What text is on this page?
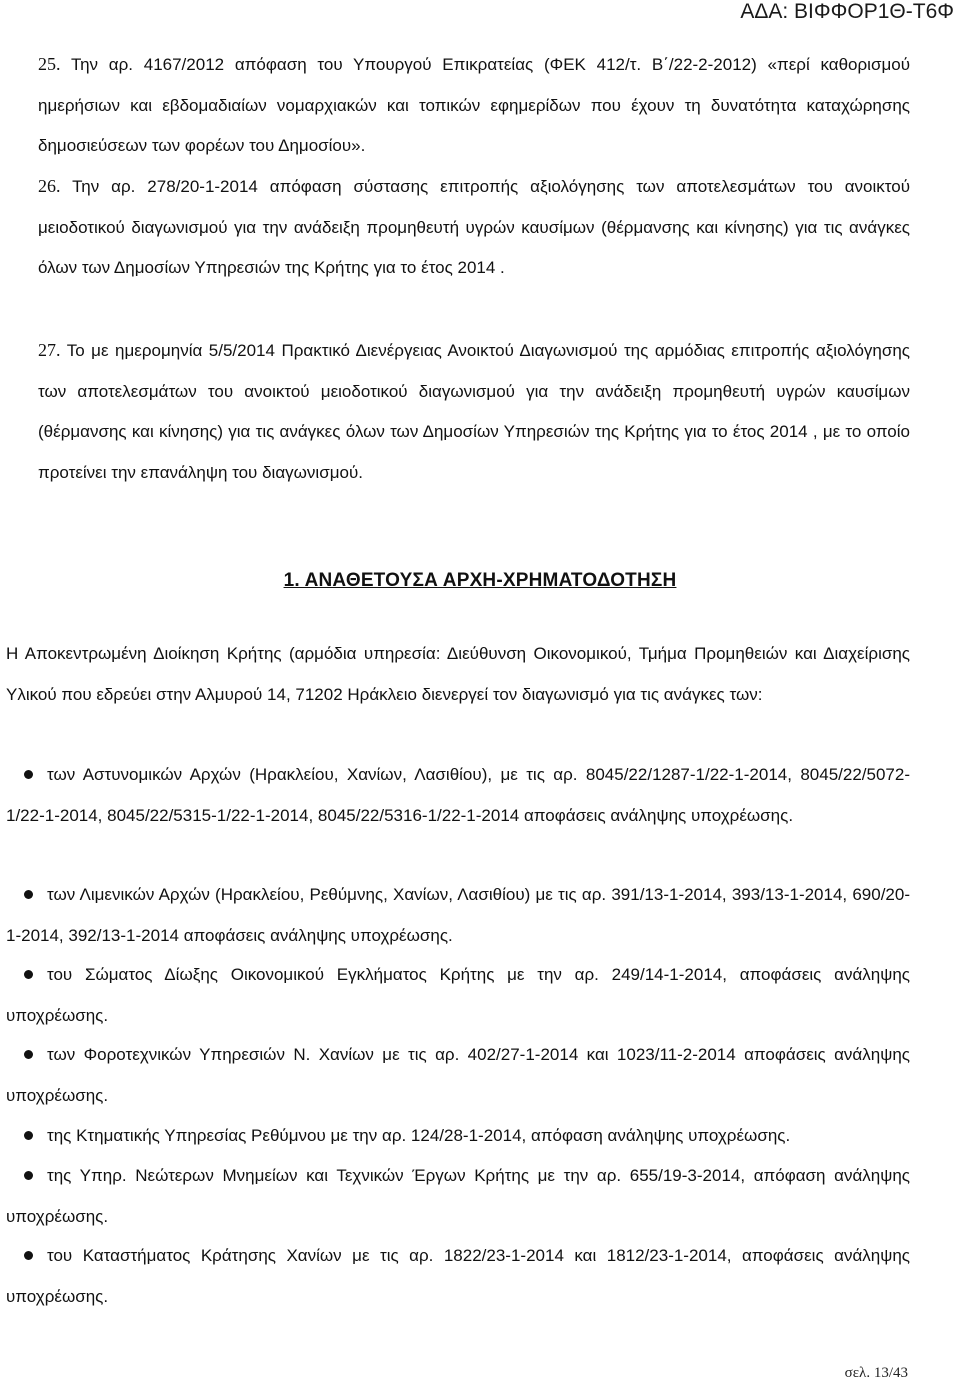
ΑΔΑ: ΒΙΦΦΟΡ1Θ-Τ6Φ
25. Την αρ. 4167/2012 απόφαση του Υπουργού Επικρατείας (ΦΕΚ 412/τ. Β΄/22-2-2012) «περί καθορισμού ημερήσιων και εβδομαδιαίων νομαρχιακών και τοπικών εφημερίδων που έχουν τη δυνατότητα καταχώρησης δημοσιεύσεων των φορέων του Δημοσίου».
26. Την αρ. 278/20-1-2014 απόφαση σύστασης επιτροπής αξιολόγησης των αποτελεσμάτων του ανοικτού μειοδοτικού διαγωνισμού για την ανάδειξη προμηθευτή υγρών καυσίμων (θέρμανσης και κίνησης) για τις ανάγκες όλων των Δημοσίων Υπηρεσιών της Κρήτης για το έτος 2014 .
27. Το με ημερομηνία 5/5/2014 Πρακτικό Διενέργειας Ανοικτού Διαγωνισμού της αρμόδιας επιτροπής αξιολόγησης των αποτελεσμάτων του ανοικτού μειοδοτικού διαγωνισμού για την ανάδειξη προμηθευτή υγρών καυσίμων (θέρμανσης και κίνησης) για τις ανάγκες όλων των Δημοσίων Υπηρεσιών της Κρήτης για το έτος 2014 , με το οποίο προτείνει την επανάληψη του διαγωνισμού.
1. ΑΝΑΘΕΤΟΥΣΑ ΑΡΧΗ-ΧΡΗΜΑΤΟΔΟΤΗΣΗ
Η Αποκεντρωμένη Διοίκηση Κρήτης (αρμόδια υπηρεσία: Διεύθυνση Οικονομικού, Τμήμα Προμηθειών και Διαχείρισης Υλικού που εδρεύει στην Αλμυρού 14, 71202 Ηράκλειο διενεργεί τον διαγωνισμό για τις ανάγκες των:
των Αστυνομικών Αρχών (Ηρακλείου, Χανίων, Λασιθίου), με τις αρ. 8045/22/1287-1/22-1-2014, 8045/22/5072-1/22-1-2014, 8045/22/5315-1/22-1-2014, 8045/22/5316-1/22-1-2014 αποφάσεις ανάληψης υποχρέωσης.
των Λιμενικών Αρχών (Ηρακλείου, Ρεθύμνης, Χανίων, Λασιθίου) με τις αρ. 391/13-1-2014, 393/13-1-2014, 690/20-1-2014, 392/13-1-2014 αποφάσεις ανάληψης υποχρέωσης.
του Σώματος Δίωξης Οικονομικού Εγκλήματος Κρήτης με την αρ. 249/14-1-2014, αποφάσεις ανάληψης υποχρέωσης.
των Φοροτεχνικών Υπηρεσιών Ν. Χανίων με τις αρ. 402/27-1-2014 και 1023/11-2-2014 αποφάσεις ανάληψης υποχρέωσης.
της Κτηματικής Υπηρεσίας Ρεθύμνου με την αρ. 124/28-1-2014, απόφαση ανάληψης υποχρέωσης.
της Υπηρ. Νεώτερων Μνημείων και Τεχνικών Έργων Κρήτης με την αρ. 655/19-3-2014, απόφαση ανάληψης υποχρέωσης.
του Καταστήματος Κράτησης Χανίων με τις αρ. 1822/23-1-2014 και 1812/23-1-2014, αποφάσεις ανάληψης υποχρέωσης.
σελ. 13/43
